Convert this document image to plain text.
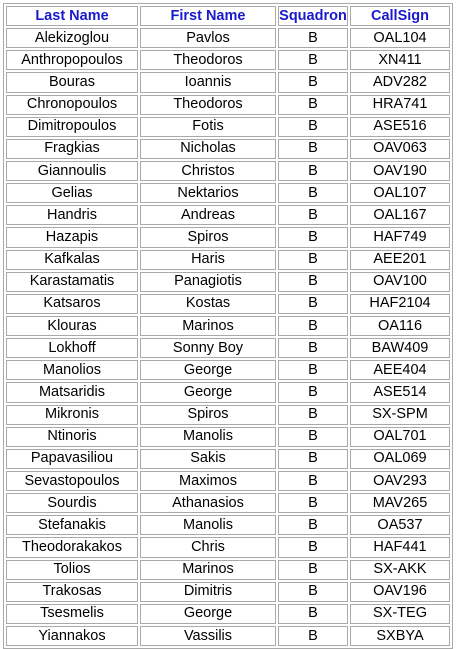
Last Name	First Name	Squadron	CallSign
Alekizoglou	Pavlos	B	OAL104
Anthropopoulos	Theodoros	B	XN411
Bouras	Ioannis	B	ADV282
Chronopoulos	Theodoros	B	HRA741
Dimitropoulos	Fotis	B	ASE516
Fragkias	Nicholas	B	OAV063
Giannoulis	Christos	B	OAV190
Gelias	Nektarios	B	OAL107
Handris	Andreas	B	OAL167
Hazapis	Spiros	B	HAF749
Kafkalas	Haris	B	AEE201
Karastamatis	Panagiotis	B	OAV100
Katsaros	Kostas	B	HAF2104
Klouras	Marinos	B	OA116
Lokhoff	Sonny Boy	B	BAW409
Manolios	George	B	AEE404
Matsaridis	George	B	ASE514
Mikronis	Spiros	B	SX-SPM
Ntinoris	Manolis	B	OAL701
Papavasiliou	Sakis	B	OAL069
Sevastopoulos	Maximos	B	OAV293
Sourdis	Athanasios	B	MAV265
Stefanakis	Manolis	B	OA537
Theodorakakos	Chris	B	HAF441
Tolios	Marinos	B	SX-AKK
Trakosas	Dimitris	B	OAV196
Tsesmelis	George	B	SX-TEG
Yiannakos	Vassilis	B	SXBYA
